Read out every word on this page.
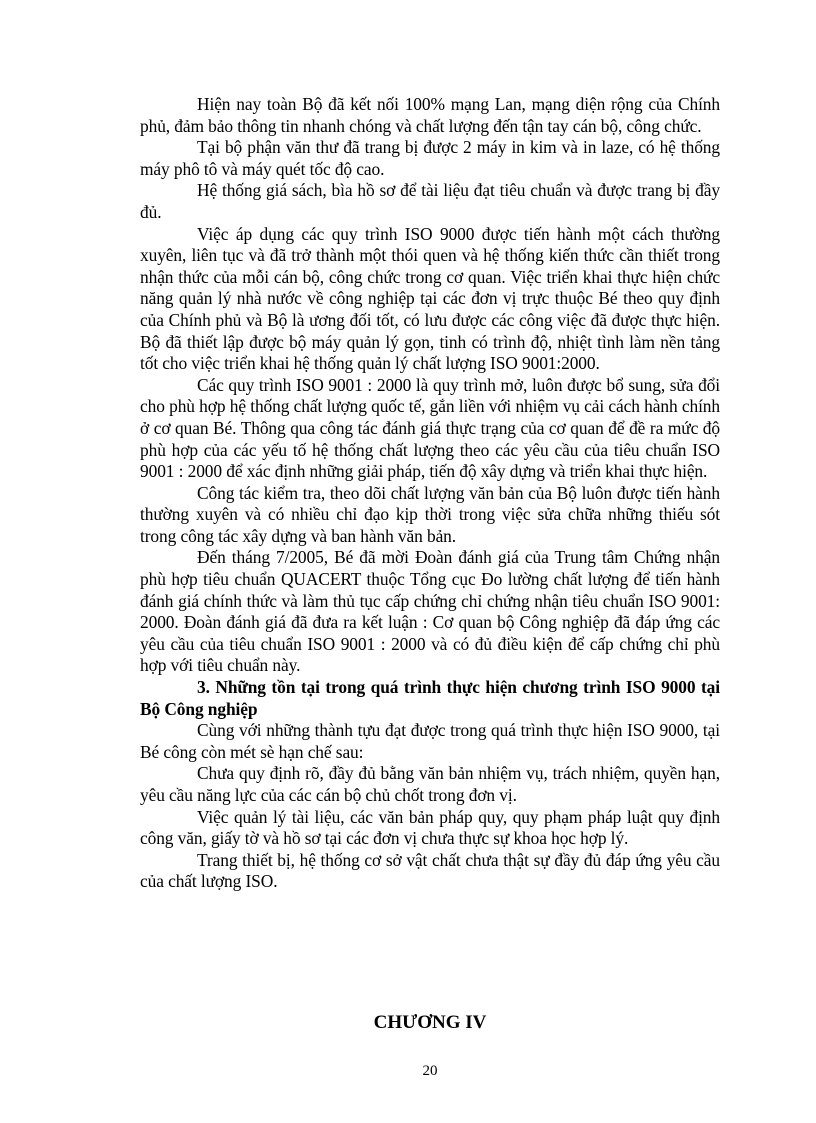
Hiện nay toàn Bộ đã kết nối 100% mạng Lan, mạng diện rộng của Chính phủ, đảm bảo thông tin nhanh chóng và chất lượng đến tận tay cán bộ, công chức.

Tại bộ phận văn thư đã trang bị được 2 máy in kim và in laze, có hệ thống máy phô tô và máy quét tốc độ cao.

Hệ thống giá sách, bìa hồ sơ để tài liệu đạt tiêu chuẩn và được trang bị đầy đủ.

Việc áp dụng các quy trình ISO 9000 được tiến hành một cách thường xuyên, liên tục và đã trở thành một thói quen và hệ thống kiến thức cần thiết trong nhận thức của mỗi cán bộ, công chức trong cơ quan. Việc triển khai thực hiện chức năng quản lý nhà nước về công nghiệp tại các đơn vị trực thuộc Bé theo quy định của Chính phủ và Bộ là ương đối tốt, có lưu được các công việc đã được thực hiện. Bộ đã thiết lập được bộ máy quản lý gọn, tinh có trình độ, nhiệt tình làm nền tảng tốt cho việc triển khai hệ thống quản lý chất lượng ISO 9001:2000.

Các quy trình ISO 9001 : 2000 là quy trình mở, luôn được bổ sung, sửa đổi cho phù hợp hệ thống chất lượng quốc tế, gắn liền với nhiệm vụ cải cách hành chính ở cơ quan Bé. Thông qua công tác đánh giá thực trạng của cơ quan để đề ra mức độ phù hợp của các yếu tố hệ thống chất lượng theo các yêu cầu của tiêu chuẩn ISO 9001 : 2000 để xác định những giải pháp, tiến độ xây dựng và triển khai thực hiện.

Công tác kiểm tra, theo dõi chất lượng văn bản của Bộ luôn được tiến hành thường xuyên và có nhiều chỉ đạo kịp thời trong việc sửa chữa những thiếu sót trong công tác xây dựng và ban hành văn bản.

Đến tháng 7/2005, Bé đã mời Đoàn đánh giá của Trung tâm Chứng nhận phù hợp tiêu chuẩn QUACERT thuộc Tổng cục Đo lường chất lượng để tiến hành đánh giá chính thức và làm thủ tục cấp chứng chỉ chứng nhận tiêu chuẩn ISO 9001: 2000. Đoàn đánh giá đã đưa ra kết luận : Cơ quan bộ Công nghiệp đã đáp ứng các yêu cầu của tiêu chuẩn ISO 9001 : 2000 và có đủ điều kiện để cấp chứng chỉ phù hợp với tiêu chuẩn này.

3. Những tồn tại trong quá trình thực hiện chương trình ISO 9000 tại Bộ Công nghiệp

Cùng với những thành tựu đạt được trong quá trình thực hiện ISO 9000, tại Bé công còn mét sè hạn chế sau:

Chưa quy định rõ, đầy đủ bằng văn bản nhiệm vụ, trách nhiệm, quyền hạn, yêu cầu năng lực của các cán bộ chủ chốt trong đơn vị.

Việc quản lý tài liệu, các văn bản pháp quy, quy phạm pháp luật quy định công văn, giấy tờ và hồ sơ tại các đơn vị chưa thực sự khoa học hợp lý.

Trang thiết bị, hệ thống cơ sở vật chất chưa thật sự đầy đủ đáp ứng yêu cầu của chất lượng ISO.

CHƯƠNG IV
20
